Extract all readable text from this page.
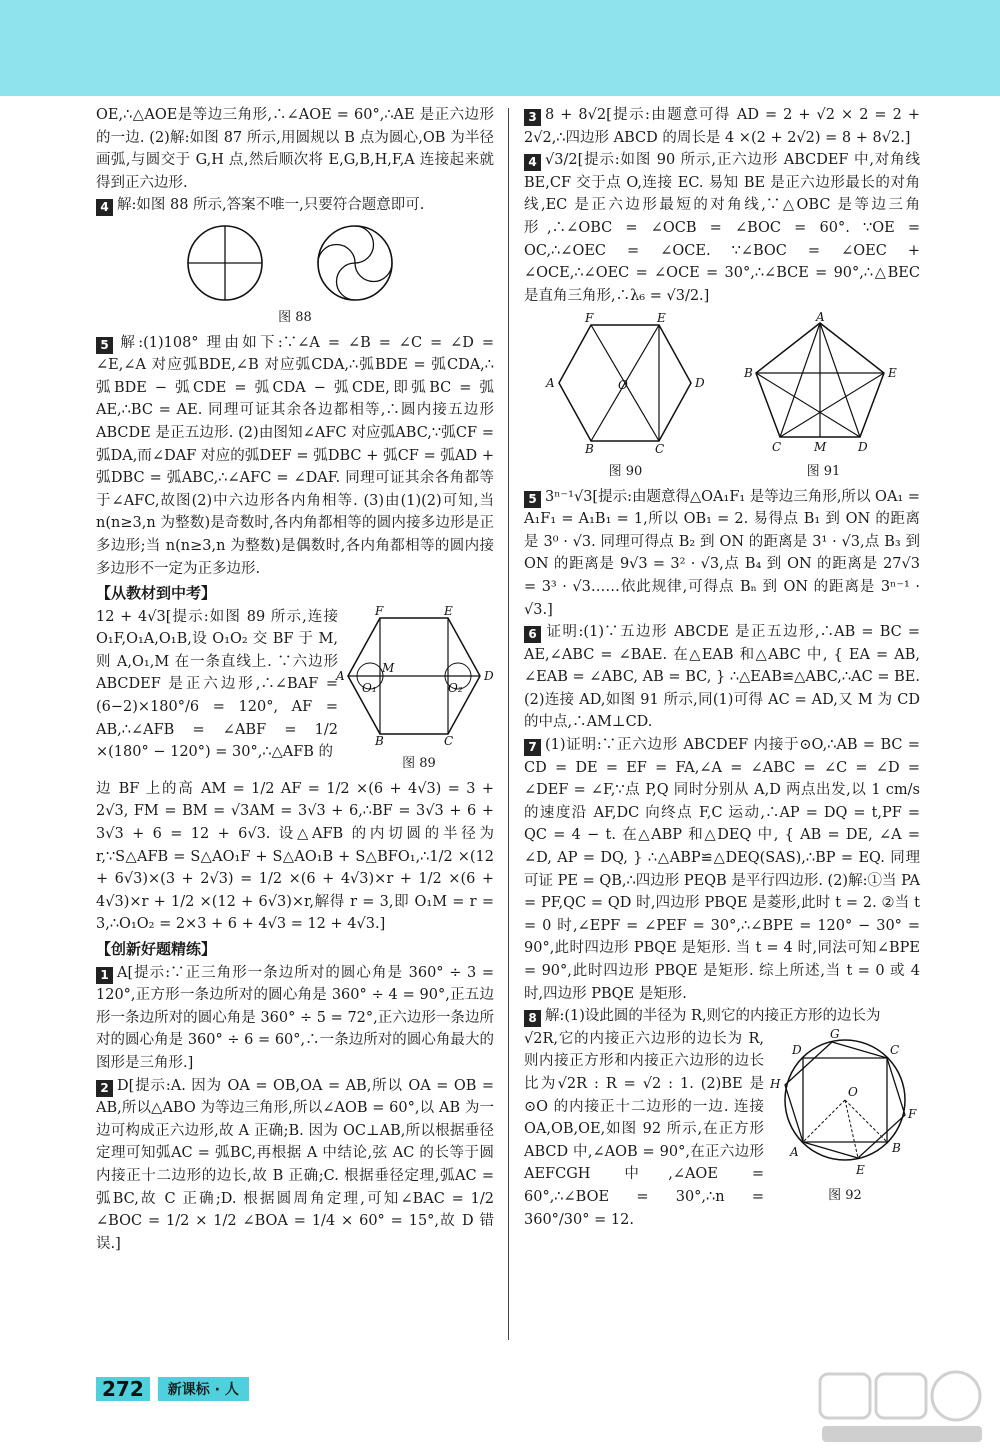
OE,∴△AOE是等边三角形,∴∠AOE = 60°,∴AE 是正六边形的一边. (2)解:如图 87 所示,用圆规以 B 点为圆心,OB 为半径画弧,与圆交于 G,H 点,然后顺次将 E,G,B,H,F,A 连接起来就得到正六边形.

4 解:如图 88 所示,答案不唯一,只要符合题意即可.

图 88

5 解:(1)108° 理由如下:∵∠A = ∠B = ∠C = ∠D = ∠E,∠A 对应弧BDE,∠B 对应弧CDA,∴弧BDE = 弧CDA,∴弧BDE − 弧CDE = 弧CDA − 弧CDE,即弧BC = 弧AE,∴BC = AE. 同理可证其余各边都相等,∴圆内接五边形 ABCDE 是正五边形. (2)由图知∠AFC 对应弧ABC,∵弧CF = 弧DA,而∠DAF 对应的弧DEF = 弧DBC + 弧CF = 弧AD + 弧DBC = 弧ABC,∴∠AFC = ∠DAF. 同理可证其余各角都等于∠AFC,故图(2)中六边形各内角相等. (3)由(1)(2)可知,当 n(n≥3,n 为整数)是奇数时,各内角都相等的圆内接多边形是正多边形;当 n(n≥3,n 为整数)是偶数时,各内角都相等的圆内接多边形不一定为正多边形.

【从教材到中考】

12 + 4√3[提示:如图 89 所示,连接 O₁F,O₁A,O₁B,设 O₁O₂ 交 BF 于 M,则 A,O₁,M 在一条直线上. ∵六边形 ABCDEF 是正六边形,∴∠BAF = (6−2)×180°/6 = 120°, AF = AB,∴∠AFB = ∠ABF = 1/2 ×(180° − 120°) = 30°,∴△AFB 的

F	E
A	D
B	C
M
O₁	O₂
图 89

边 BF 上的高 AM = 1/2 AF = 1/2 ×(6 + 4√3) = 3 + 2√3, FM = BM = √3AM = 3√3 + 6,∴BF = 3√3 + 6 + 3√3 + 6 = 12 + 6√3. 设△AFB 的内切圆的半径为 r,∵S△AFB = S△AO₁F + S△AO₁B + S△BFO₁,∴1/2 ×(12 + 6√3)×(3 + 2√3) = 1/2 ×(6 + 4√3)×r + 1/2 ×(6 + 4√3)×r + 1/2 ×(12 + 6√3)×r,解得 r = 3,即 O₁M = r = 3,∴O₁O₂ = 2×3 + 6 + 4√3 = 12 + 4√3.]

【创新好题精练】

1 A[提示:∵正三角形一条边所对的圆心角是 360° ÷ 3 = 120°,正方形一条边所对的圆心角是 360° ÷ 4 = 90°,正五边形一条边所对的圆心角是 360° ÷ 5 = 72°,正六边形一条边所对的圆心角是 360° ÷ 6 = 60°,∴一条边所对的圆心角最大的图形是三角形.]

2 D[提示:A. 因为 OA = OB,OA = AB,所以 OA = OB = AB,所以△ABO 为等边三角形,所以∠AOB = 60°,以 AB 为一边可构成正六边形,故 A 正确;B. 因为 OC⊥AB,所以根据垂径定理可知弧AC = 弧BC,再根据 A 中结论,弦 AC 的长等于圆内接正十二边形的边长,故 B 正确;C. 根据垂径定理,弧AC = 弧BC,故 C 正确;D. 根据圆周角定理,可知∠BAC = 1/2 ∠BOC = 1/2 × 1/2 ∠BOA = 1/4 × 60° = 15°,故 D 错误.]

3 8 + 8√2[提示:由题意可得 AD = 2 + √2 × 2 = 2 + 2√2,∴四边形 ABCD 的周长是 4 ×(2 + 2√2) = 8 + 8√2.]

4 √3/2[提示:如图 90 所示,正六边形 ABCDEF 中,对角线 BE,CF 交于点 O,连接 EC. 易知 BE 是正六边形最长的对角线,EC 是正六边形最短的对角线,∵△OBC 是等边三角形,∴∠OBC = ∠OCB = ∠BOC = 60°. ∵OE = OC,∴∠OEC = ∠OCE. ∵∠BOC = ∠OEC + ∠OCE,∴∠OEC = ∠OCE = 30°,∴∠BCE = 90°,∴△BEC 是直角三角形,∴λ₆ = √3/2.]

F	E
A	D
B	C
O
图 90
A
B	E
C	M	D
图 91

5 3ⁿ⁻¹√3[提示:由题意得△OA₁F₁ 是等边三角形,所以 OA₁ = A₁F₁ = A₁B₁ = 1,所以 OB₁ = 2. 易得点 B₁ 到 ON 的距离是 3⁰ · √3. 同理可得点 B₂ 到 ON 的距离是 3¹ · √3,点 B₃ 到 ON 的距离是 9√3 = 3² · √3,点 B₄ 到 ON 的距离是 27√3 = 3³ · √3……依此规律,可得点 Bₙ 到 ON 的距离是 3ⁿ⁻¹ · √3.]

6 证明:(1)∵五边形 ABCDE 是正五边形,∴AB = BC = AE,∠ABC = ∠BAE. 在△EAB 和△ABC 中, { EA = AB, ∠EAB = ∠ABC, AB = BC, } ∴△EAB≌△ABC,∴AC = BE. (2)连接 AD,如图 91 所示,同(1)可得 AC = AD,又 M 为 CD 的中点,∴AM⊥CD.

7 (1)证明:∵正六边形 ABCDEF 内接于⊙O,∴AB = BC = CD = DE = EF = FA,∠A = ∠ABC = ∠C = ∠D = ∠DEF = ∠F,∵点 P,Q 同时分别从 A,D 两点出发,以 1 cm/s 的速度沿 AF,DC 向终点 F,C 运动,∴AP = DQ = t,PF = QC = 4 − t. 在△ABP 和△DEQ 中, { AB = DE, ∠A = ∠D, AP = DQ, } ∴△ABP≌△DEQ(SAS),∴BP = EQ. 同理可证 PE = QB,∴四边形 PEQB 是平行四边形. (2)解:①当 PA = PF,QC = QD 时,四边形 PBQE 是菱形,此时 t = 2. ②当 t = 0 时,∠EPF = ∠PEF = 30°,∴∠BPE = 120° − 30° = 90°,此时四边形 PBQE 是矩形. 当 t = 4 时,同法可知∠BPE = 90°,此时四边形 PBQE 是矩形. 综上所述,当 t = 0 或 4 时,四边形 PBQE 是矩形.

8 解:(1)设此圆的半径为 R,则它的内接正方形的边长为

√2R,它的内接正六边形的边长为 R,则内接正方形和内接正六边形的边长比为√2R : R = √2 : 1. (2)BE 是⊙O 的内接正十二边形的一边. 连接 OA,OB,OE,如图 92 所示,在正方形 ABCD 中,∠AOB = 90°,在正六边形 AEFCGH 中,∠AOE = 60°,∴∠BOE = 30°,∴n = 360°/30° = 12.

D
G
C
H
O
F
A	B
E
图 92
272	新课标 · 人
